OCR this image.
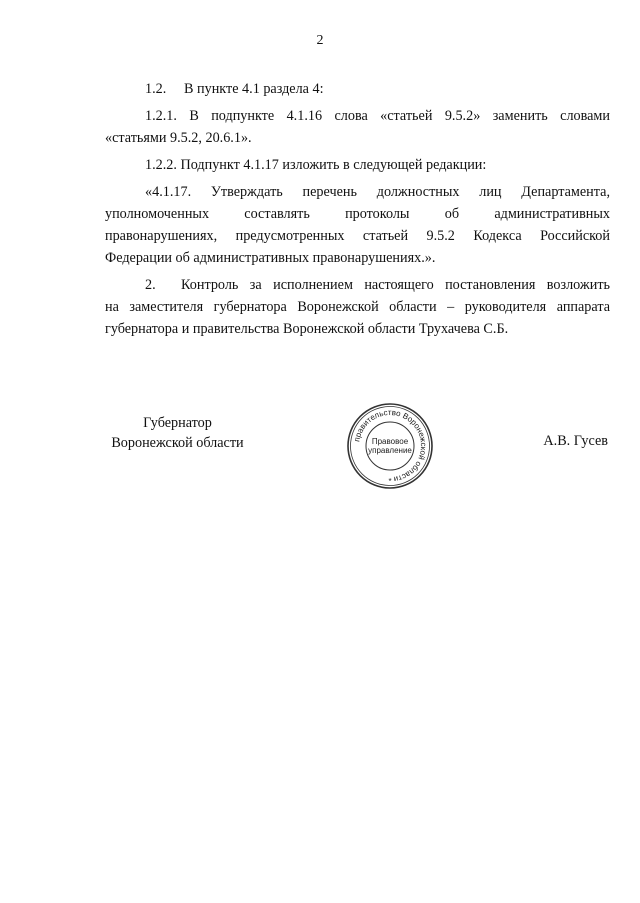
2
1.2.  В пункте 4.1 раздела 4:
1.2.1. В подпункте 4.1.16 слова «статьей 9.5.2» заменить словами
«статьями 9.5.2, 20.6.1».
1.2.2. Подпункт 4.1.17 изложить в следующей редакции:
«4.1.17. Утверждать перечень должностных лиц Департамента,
уполномоченных составлять протоколы об административных
правонарушениях, предусмотренных статьей 9.5.2 Кодекса Российской
Федерации об административных правонарушениях.».
2. Контроль за исполнением настоящего постановления возложить
на заместителя губернатора Воронежской области – руководителя аппарата
губернатора и правительства Воронежской области Трухачева С.Б.
Губернатор
Воронежской области	правительство Воронежской области
Правовое
управление
*
А.В. Гусев
